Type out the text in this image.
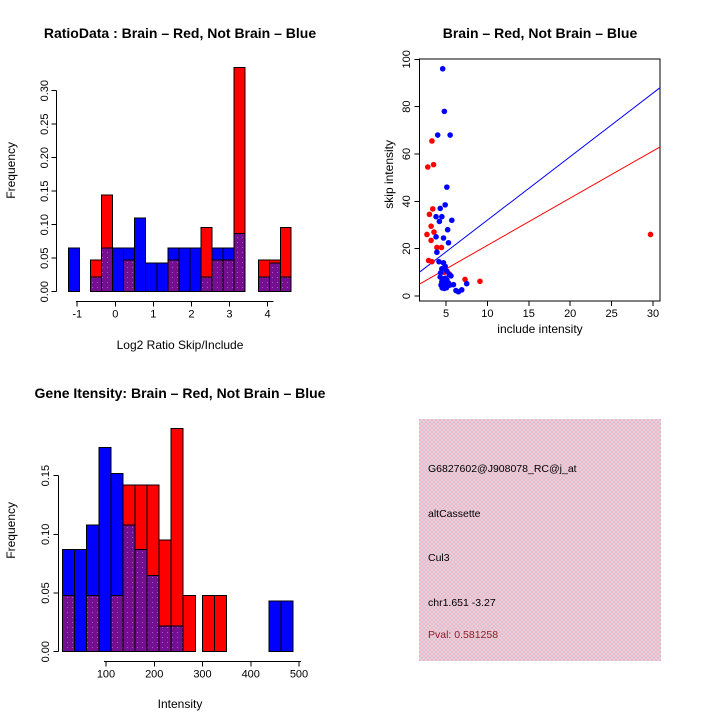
-1	0	1	2	3	4
0.00
0.05
0.10
0.15
0.20
0.25
0.30
RatioData : Brain – Red, Not Brain – Blue
Log2 Ratio Skip/Include
Frequency
5	10	15	20	25	30
0
20
40
60
80
100
Brain – Red, Not Brain – Blue
include intensity
skip intensity
100	200	300	400	500
0.00
0.05
0.10
0.15
Gene Itensity: Brain – Red, Not Brain – Blue
Intensity
Frequency
G6827602@J908078_RC@j_at
altCassette
Cul3
chr1.651 -3.27
Pval: 0.581258
